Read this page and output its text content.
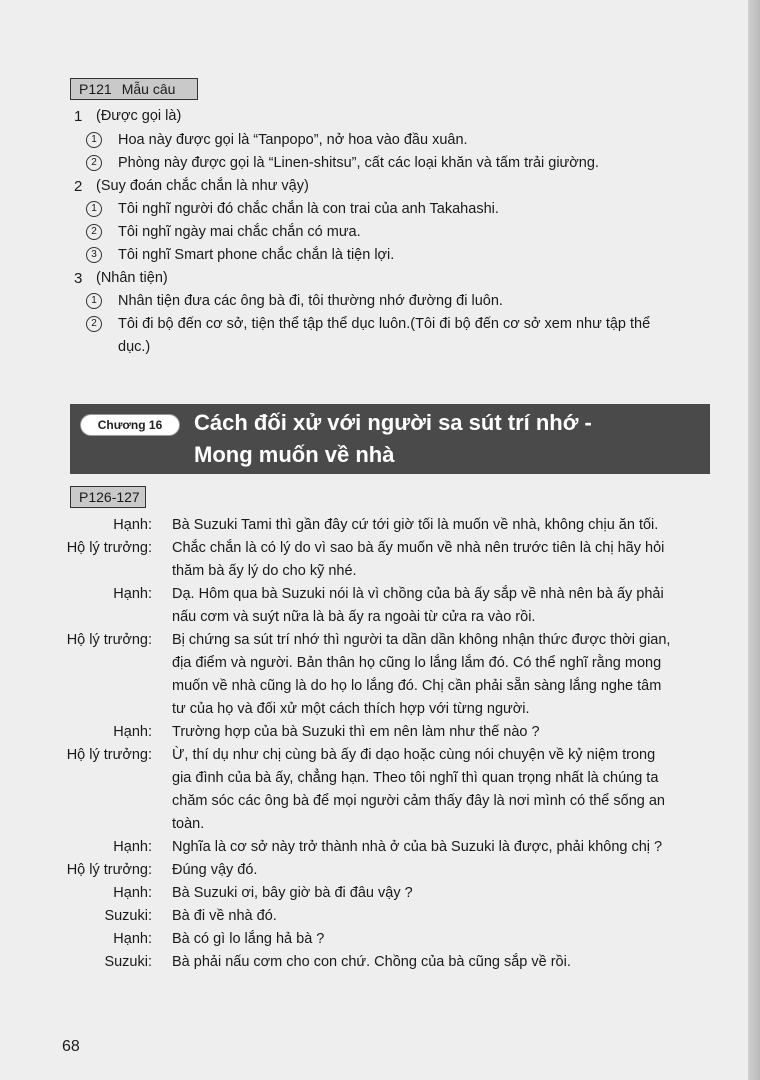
P121 Mẫu câu
1 (Được gọi là)
1	Hoa này được gọi là “Tanpopo”, nở hoa vào đầu xuân.
2	Phòng này được gọi là “Linen-shitsu”, cất các loại khăn và tấm trải giường.
2 (Suy đoán chắc chắn là như vậy)
1	Tôi nghĩ người đó chắc chắn là con trai của anh Takahashi.
2	Tôi nghĩ ngày mai chắc chắn có mưa.
3	Tôi nghĩ Smart phone chắc chắn là tiện lợi.
3 (Nhân tiện)
1	Nhân tiện đưa các ông bà đi, tôi thường nhớ đường đi luôn.
2	Tôi đi bộ đến cơ sở, tiện thể tập thể dục luôn.(Tôi đi bộ đến cơ sở xem như tập thể
dục.)
Chương 16	Cách đối xử với người sa sút trí nhớ -
Mong muốn về nhà
P126-127
68
Hạnh: Bà Suzuki Tami thì gần đây cứ tới giờ tối là muốn về nhà, không chịu ăn tối.
Hộ lý trưởng: Chắc chắn là có lý do vì sao bà ấy muốn về nhà nên trước tiên là chị hãy hỏi
thăm bà ấy lý do cho kỹ nhé.
Hạnh: Dạ. Hôm qua bà Suzuki nói là vì chồng của bà ấy sắp về nhà nên bà ấy phải
nấu cơm và suýt nữa là bà ấy ra ngoài từ cửa ra vào rồi.
Hộ lý trưởng: Bị chứng sa sút trí nhớ thì người ta dần dần không nhận thức được thời gian,
địa điểm và người. Bản thân họ cũng lo lắng lắm đó. Có thể nghĩ rằng mong
muốn về nhà cũng là do họ lo lắng đó. Chị cần phải sẵn sàng lắng nghe tâm
tư của họ và đối xử một cách thích hợp với từng người.
Hạnh: Trường hợp của bà Suzuki thì em nên làm như thế nào ?
Hộ lý trưởng: Ừ, thí dụ như chị cùng bà ấy đi dạo hoặc cùng nói chuyện về kỷ niệm trong
gia đình của bà ấy, chẳng hạn. Theo tôi nghĩ thì quan trọng nhất là chúng ta
chăm sóc các ông bà để mọi người cảm thấy đây là nơi mình có thể sống an
toàn.
Hạnh: Nghĩa là cơ sở này trở thành nhà ở của bà Suzuki là được, phải không chị ?
Hộ lý trưởng: Đúng vậy đó.
Hạnh: Bà Suzuki ơi, bây giờ bà đi đâu vậy ?
Suzuki: Bà đi về nhà đó.
Hạnh: Bà có gì lo lắng hả bà ?
Suzuki: Bà phải nấu cơm cho con chứ. Chồng của bà cũng sắp về rồi.
